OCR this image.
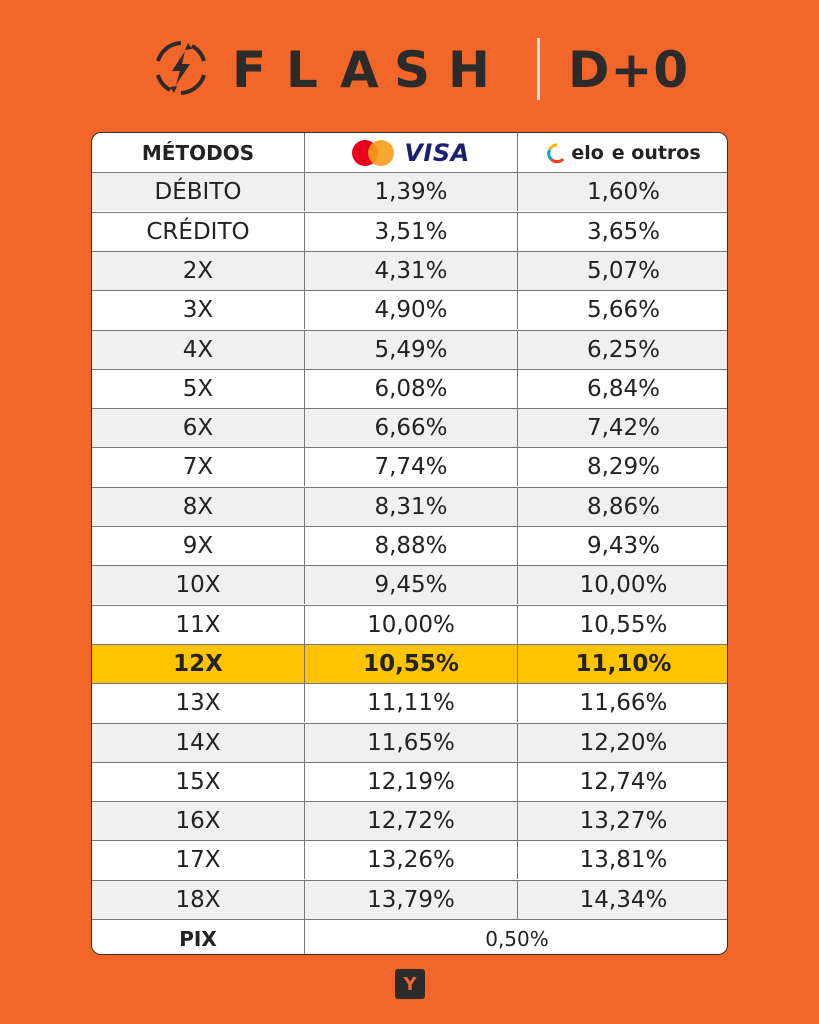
F L A S H D+0
MÉTODOS	VISA	elo e outros
DÉBITO	1,39%	1,60%
CRÉDITO	3,51%	3,65%
2X	4,31%	5,07%
3X	4,90%	5,66%
4X	5,49%	6,25%
5X	6,08%	6,84%
6X	6,66%	7,42%
7X	7,74%	8,29%
8X	8,31%	8,86%
9X	8,88%	9,43%
10X	9,45%	10,00%
11X	10,00%	10,55%
12X	10,55%	11,10%
13X	11,11%	11,66%
14X	11,65%	12,20%
15X	12,19%	12,74%
16X	12,72%	13,27%
17X	13,26%	13,81%
18X	13,79%	14,34%
PIX	0,50%
Y
